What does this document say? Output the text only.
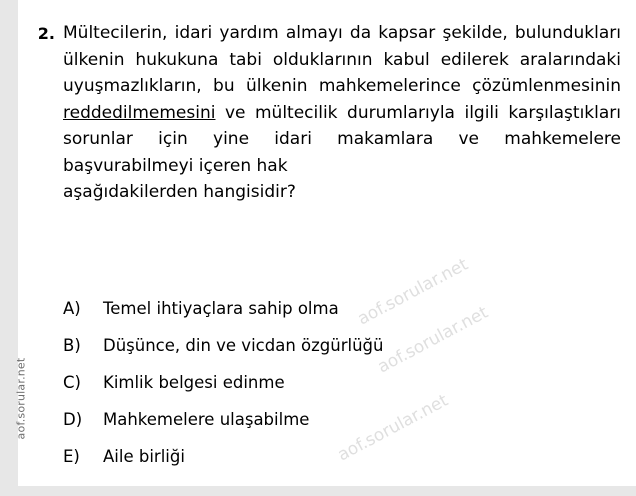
aof.sorular.net
aof.sorular.net
aof.sorular.net
aof.sorular.net
2. Mültecilerin, idari yardım almayı da kapsar şekilde, bulundukları ülkenin hukukuna tabi olduklarının kabul edilerek aralarındaki uyuşmazlıkların, bu ülkenin mahkemelerince çözümlenmesinin reddedilmemesini ve mültecilik durumlarıyla ilgili karşılaştıkları sorunlar için yine idari makamlara ve mahkemelere başvurabilmeyi içeren hak
aşağıdakilerden hangisidir?
A)	Temel ihtiyaçlara sahip olma
B)	Düşünce, din ve vicdan özgürlüğü
C)	Kimlik belgesi edinme
D)	Mahkemelere ulaşabilme
E)	Aile birliği
